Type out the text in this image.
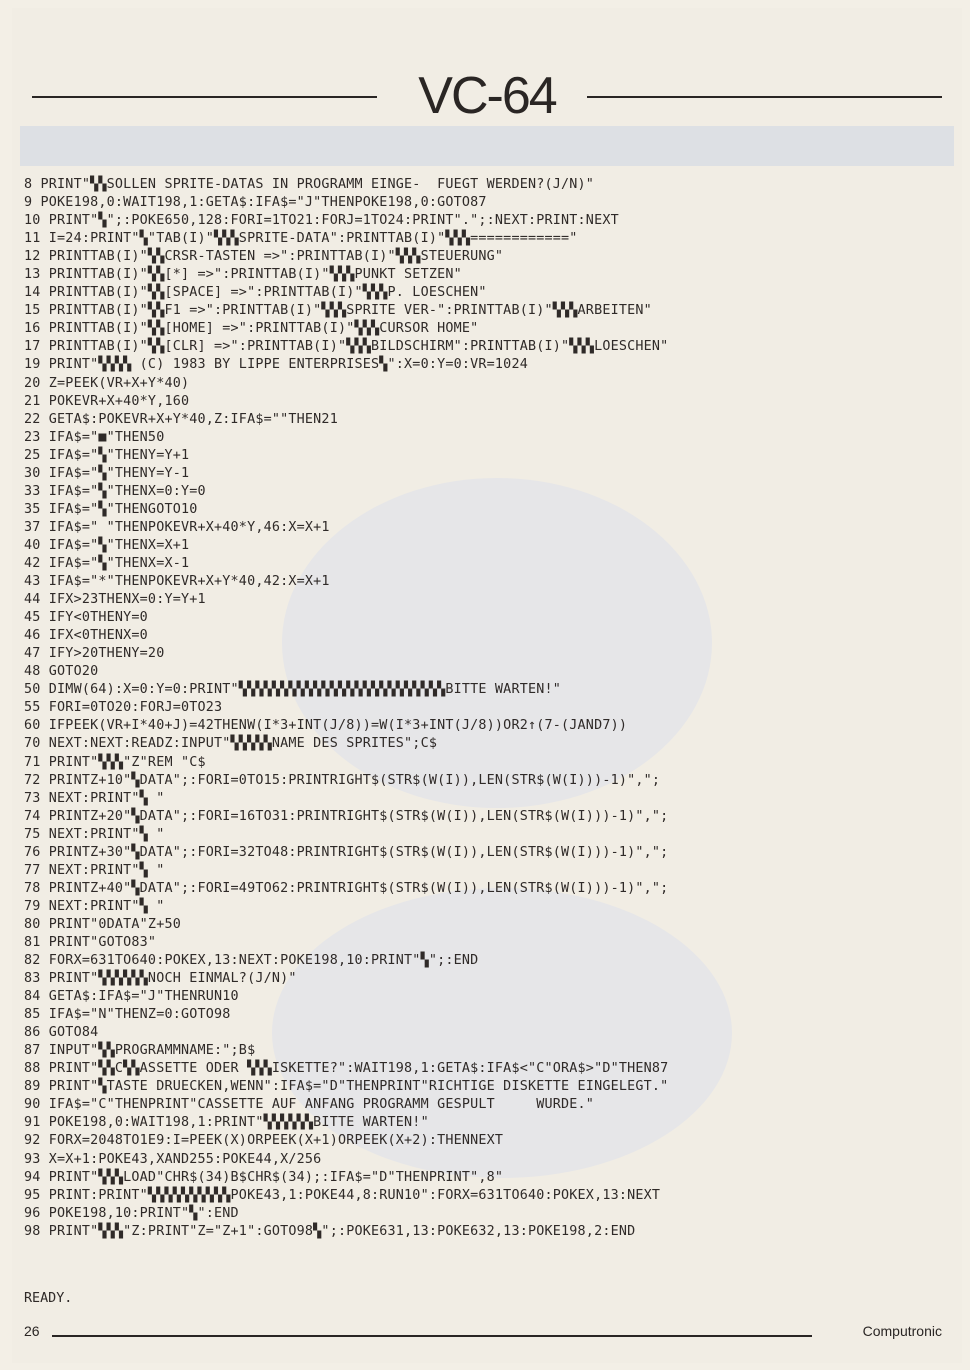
VC-64
8 PRINT"▚▚SOLLEN SPRITE-DATAS IN PROGRAMM EINGE-  FUEGT WERDEN?(J/N)"
9 POKE198,0:WAIT198,1:GETA$:IFA$="J"THENPOKE198,0:GOTO87
10 PRINT"▚";:POKE650,128:FORI=1TO21:FORJ=1TO24:PRINT".";:NEXT:PRINT:NEXT
11 I=24:PRINT"▚"TAB(I)"▚▚▚SPRITE-DATA":PRINTTAB(I)"▚▚▚============"
12 PRINTTAB(I)"▚▚CRSR-TASTEN =>":PRINTTAB(I)"▚▚▚STEUERUNG"
13 PRINTTAB(I)"▚▚[*] =>":PRINTTAB(I)"▚▚▚PUNKT SETZEN"
14 PRINTTAB(I)"▚▚[SPACE] =>":PRINTTAB(I)"▚▚▚P. LOESCHEN"
15 PRINTTAB(I)"▚▚F1 =>":PRINTTAB(I)"▚▚▚SPRITE VER-":PRINTTAB(I)"▚▚▚ARBEITEN"
16 PRINTTAB(I)"▚▚[HOME] =>":PRINTTAB(I)"▚▚▚CURSOR HOME"
17 PRINTTAB(I)"▚▚[CLR] =>":PRINTTAB(I)"▚▚▚BILDSCHIRM":PRINTTAB(I)"▚▚▚LOESCHEN"
19 PRINT"▚▚▚▚ (C) 1983 BY LIPPE ENTERPRISES▚":X=0:Y=0:VR=1024
20 Z=PEEK(VR+X+Y*40)
21 POKEVR+X+40*Y,160
22 GETA$:POKEVR+X+Y*40,Z:IFA$=""THEN21
23 IFA$="■"THEN50
25 IFA$="▚"THENY=Y+1
30 IFA$="▚"THENY=Y-1
33 IFA$="▚"THENX=0:Y=0
35 IFA$="▚"THENGOTO10
37 IFA$=" "THENPOKEVR+X+40*Y,46:X=X+1
40 IFA$="▚"THENX=X+1
42 IFA$="▚"THENX=X-1
43 IFA$="*"THENPOKEVR+X+Y*40,42:X=X+1
44 IFX>23THENX=0:Y=Y+1
45 IFY<0THENY=0
46 IFX<0THENX=0
47 IFY>20THENY=20
48 GOTO20
50 DIMW(64):X=0:Y=0:PRINT"▚▚▚▚▚▚▚▚▚▚▚▚▚▚▚▚▚▚▚▚▚▚▚▚▚BITTE WARTEN!"
55 FORI=0TO20:FORJ=0TO23
60 IFPEEK(VR+I*40+J)=42THENW(I*3+INT(J/8))=W(I*3+INT(J/8))OR2↑(7-(JAND7))
70 NEXT:NEXT:READZ:INPUT"▚▚▚▚▚NAME DES SPRITES";C$
71 PRINT"▚▚▚"Z"REM "C$
72 PRINTZ+10"▚DATA";:FORI=0TO15:PRINTRIGHT$(STR$(W(I)),LEN(STR$(W(I)))-1)",";
73 NEXT:PRINT"▚ "
74 PRINTZ+20"▚DATA";:FORI=16TO31:PRINTRIGHT$(STR$(W(I)),LEN(STR$(W(I)))-1)",";
75 NEXT:PRINT"▚ "
76 PRINTZ+30"▚DATA";:FORI=32TO48:PRINTRIGHT$(STR$(W(I)),LEN(STR$(W(I)))-1)",";
77 NEXT:PRINT"▚ "
78 PRINTZ+40"▚DATA";:FORI=49TO62:PRINTRIGHT$(STR$(W(I)),LEN(STR$(W(I)))-1)",";
79 NEXT:PRINT"▚ "
80 PRINT"0DATA"Z+50
81 PRINT"GOTO83"
82 FORX=631TO640:POKEX,13:NEXT:POKE198,10:PRINT"▚";:END
83 PRINT"▚▚▚▚▚▚NOCH EINMAL?(J/N)"
84 GETA$:IFA$="J"THENRUN10
85 IFA$="N"THENZ=0:GOTO98
86 GOTO84
87 INPUT"▚▚PROGRAMMNAME:";B$
88 PRINT"▚▚C▚▚ASSETTE ODER ▚▚▚ISKETTE?":WAIT198,1:GETA$:IFA$<"C"ORA$>"D"THEN87
89 PRINT"▚TASTE DRUECKEN,WENN":IFA$="D"THENPRINT"RICHTIGE DISKETTE EINGELEGT."
90 IFA$="C"THENPRINT"CASSETTE AUF ANFANG PROGRAMM GESPULT     WURDE."
91 POKE198,0:WAIT198,1:PRINT"▚▚▚▚▚▚BITTE WARTEN!"
92 FORX=2048TO1E9:I=PEEK(X)ORPEEK(X+1)ORPEEK(X+2):THENNEXT
93 X=X+1:POKE43,XAND255:POKE44,X/256
94 PRINT"▚▚▚LOAD"CHR$(34)B$CHR$(34);:IFA$="D"THENPRINT",8"
95 PRINT:PRINT"▚▚▚▚▚▚▚▚▚▚POKE43,1:POKE44,8:RUN10":FORX=631TO640:POKEX,13:NEXT
96 POKE198,10:PRINT"▚":END
98 PRINT"▚▚▚"Z:PRINT"Z="Z+1":GOTO98▚";:POKE631,13:POKE632,13:POKE198,2:END
READY.
26	Computronic
